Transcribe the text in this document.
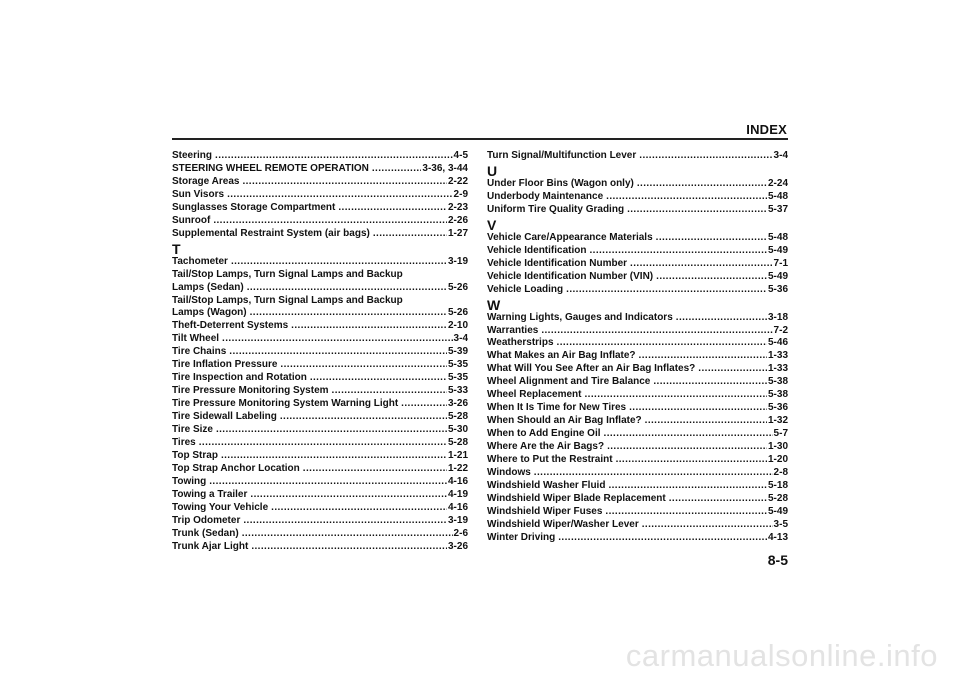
INDEX
Steering .....	4-5
STEERING WHEEL REMOTE OPERATION .....	3-36, 3-44
Storage Areas .....	2-22
Sun Visors .....	2-9
Sunglasses Storage Compartment .....	2-23
Sunroof .....	2-26
Supplemental Restraint System (air bags) .....	1-27
T
Tachometer .....	3-19
Tail/Stop Lamps, Turn Signal Lamps and Backup
Lamps (Sedan) .....	5-26
Tail/Stop Lamps, Turn Signal Lamps and Backup
Lamps (Wagon) .....	5-26
Theft-Deterrent Systems .....	2-10
Tilt Wheel .....	3-4
Tire Chains .....	5-39
Tire Inflation Pressure .....	5-35
Tire Inspection and Rotation .....	5-35
Tire Pressure Monitoring System .....	5-33
Tire Pressure Monitoring System Warning Light .....	3-26
Tire Sidewall Labeling .....	5-28
Tire Size .....	5-30
Tires .....	5-28
Top Strap .....	1-21
Top Strap Anchor Location .....	1-22
Towing .....	4-16
Towing a Trailer .....	4-19
Towing Your Vehicle .....	4-16
Trip Odometer .....	3-19
Trunk (Sedan) .....	2-6
Trunk Ajar Light .....	3-26
Turn Signal/Multifunction Lever .....	3-4
U
Under Floor Bins (Wagon only) .....	2-24
Underbody Maintenance .....	5-48
Uniform Tire Quality Grading .....	5-37
V
Vehicle Care/Appearance Materials .....	5-48
Vehicle Identification .....	5-49
Vehicle Identification Number .....	7-1
Vehicle Identification Number (VIN) .....	5-49
Vehicle Loading .....	5-36
W
Warning Lights, Gauges and Indicators .....	3-18
Warranties .....	7-2
Weatherstrips .....	5-46
What Makes an Air Bag Inflate? .....	1-33
What Will You See After an Air Bag Inflates? .....	1-33
Wheel Alignment and Tire Balance .....	5-38
Wheel Replacement .....	5-38
When It Is Time for New Tires .....	5-36
When Should an Air Bag Inflate? .....	1-32
When to Add Engine Oil .....	5-7
Where Are the Air Bags? .....	1-30
Where to Put the Restraint .....	1-20
Windows .....	2-8
Windshield Washer Fluid .....	5-18
Windshield Wiper Blade Replacement .....	5-28
Windshield Wiper Fuses .....	5-49
Windshield Wiper/Washer Lever .....	3-5
Winter Driving .....	4-13
8-5
carmanualsonline.info
